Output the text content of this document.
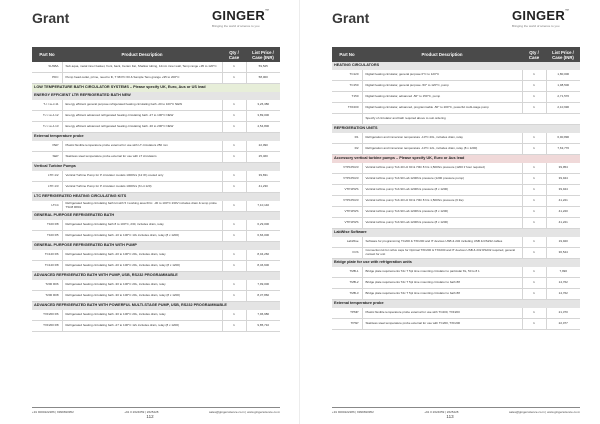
Grant	GINGER™
Bringing the world of science to you
Part No	Product Description	Qty / Case	List Price / Case (INR)
SUSBA	Sub aqua, metal inner basket, front, back, Ceram Fat, Shallow tubing, 12mm inner wall, Temp range +95 to 120°C	1	59,525
PDC	Pump head outlet, prime, need to fit, T 98 PC 60 & Sample Tens grange +95 to 200°C	1	58,000
LOW TEMPERATURE BATH CIRCULATOR SYSTEMS – Please specify UK, Euro, Aus or US lead			
ENERGY EFFICIENT LTR REFRIGERATED BATH NEW			
T-r r-w-J-11	Energy efficient general purpose refrigerated heating circulating bath -20 to 100°C NEW	1	3,26,380
T-r r-w-J-12	Energy efficient advanced refrigerated heating circulating bath -27 to 100°C NEW	1	3,89,000
T-r r-w-J-13	Energy efficient advanced refrigerated heating circulating bath -30 to 200°C NEW	1	4,54,800
External temperature probe			
PEP	Plastic flexible temperature probe external for use with LT circulators 250 mm	1	22,090
SEP	Stainless steel temperature probe external for use with LT circulators	1	25,460
Vertical Turbine Pumps			
LTP-1/2	Vertical Turbine Pump for P circulator models 1000hrs (12 l/h) cooled only	1	39,831
LTP-1/3	Vertical Turbine Pump for P circulator models 1000hrs (6 Lit 120)	1	41,230
LTC REFRIGERATED HEATING CIRCULATING KITS			
LTC4	Refrigerated heating circulating bath kit with 5 l working area 6l/m: -30 to 100°C 230V includes drain & temp probe TSC8 R801	1	7,10,140
GENERAL PURPOSE REFRIGERATED BATH			
T100 R8	Refrigerated heating circulating bath 8 to 100°C, 230, includes drain, relay	1	6,29,000
T100 R5	Refrigerated heating circulating bath -10 to 100°C 13L includes drain, relay (8 x 1200)	1	6,66,000
GENERAL PURPOSE REFRIGERATED BATH WITH PUMP			
TC120 R6	Refrigerated heating circulating bath -20 to 100°C 20L, includes drain, relay	1	8,04,260
TC120 R8	Refrigerated heating circulating bath -20 to 100°C 20L, includes drain, relay (8 x 1200)	1	8,46,600
ADVANCED REFRIGERATED BATH WITH PUMP, USB, RS232 PROGRAMMABLE			
T200 R06	Refrigerated heating circulating bath -30 to 100°C 20L, includes drain, relay	1	7,99,000
T200 R08	Refrigerated heating circulating bath -30 to 100°C 20L, includes drain, relay (8 x 1200)	1	8,37,860
ADVANCED REFRIGERATED BATH WITH POWERFUL MULTI-STAGE PUMP, USB, RS232 PROGRAMMABLE			
TXF200 R6	Refrigerated heating circulating bath -30 to 100°C 20L, includes drain, relay	1	7,96,980
TXF200 R8	Refrigerated heating circulating bath -27 to 100°C 12L includes drain, relay (8 x 1200)	1	9,85,710
+91 9000222286 | 9999690952	+91 0 2624059 | 2625228	sales@gingerscience.co.in | www.gingerscience.co.in
112
Grant	GINGER™
Bringing the world of science to you
Part No	Product Description	Qty / Case	List Price / Case (INR)
HEATING CIRCULATORS			
TC120	Digital heating circulator, general purpose 0°C to 120°C	1	1,80,000
TC150	Digital heating circulator, general purpose -50° to 120°C, pump	1	1,98,500
T150	Digital heating circulator, advanced -50° to 150°C, pump	1	2,71,570
TXF200	Digital heating circulator, advanced, programmable -50° to 200°C, powerful multi-stage pump	1	2,10,990
	Specify of circulator and bath required above to suit ordering		
REFRIGERATION UNITS			
R1	Refrigeration and immersion temperature -10°C 20L, includes drain, relay	1	6,90,890
R2	Refrigeration and immersion temperature -10°C 12L, includes drain, relay (8 x 1200)	1	7,63,770
Accessory vertical turbine pumps – Please specify UK, Euro or Aus lead			
VTP1P0/23	Vertical turbine pump Tub 40 Hz 90 & 70ltr 8 hrs 1,500hrs pressure (1200 l/ hour required)	1	39,954
VTP1P0/23	Vertical turbine pump Tub 90 Lab 1200hrs pressure (1200 pressure pump)	1	39,944
VTP1P0/S	Vertical turbine pump Tub 90 Lab 1200hrs pressure (8 x 1200)	1	39,944
VTP1P0/23	Vertical turbine pump Tub 40 Hz 90 & 70ltr 8 hrs 1,500hrs pressure (6 lite)	1	41,221
VTP1P0/S	Vertical turbine pump Tub 90 Lab 1200hrs pressure (8 x 1200)	1	41,220
VTP1P0/S	Vertical turbine pump Tub 90 Lab 1200hrs pressure (8 x 1200)	1	41,221
LabWise Software			
LabWise	Software for programming TC200 & TXF200 and IT devices USB & 232 including USB & RS232 cables	1	19,920
FCS	Connection kit for reflux caps for Optimal TXF200 & TXF200 and IT devices USB & 232 RS232 required, general contact for unit	1	36,544
Bridge plate for use with refrigeration units			
TMB-1	Bridge plate requirements Tdc T 5pl time mounting circulator to particular 8L, 50 to 8 1	1	7,990
TMB-2	Bridge plate requirements Tdc T 5pl time mounting circulator to bath 88	1	14,762
TMB-3	Bridge plate requirements Tdc T 5pl time mounting circulator to bath 88	1	14,762
External temperature probe			
TPMP	Plastic flexible temperature probe external for use with TC200, TXF200	1	21,370
TPSP	Stainless steel temperature probe external for use with TC200, TXF200	1	22,077
+91 9000222286 | 9999690952	+91 0 2624059 | 2625228	sales@gingerscience.co.in | www.gingerscience.co.in
113
